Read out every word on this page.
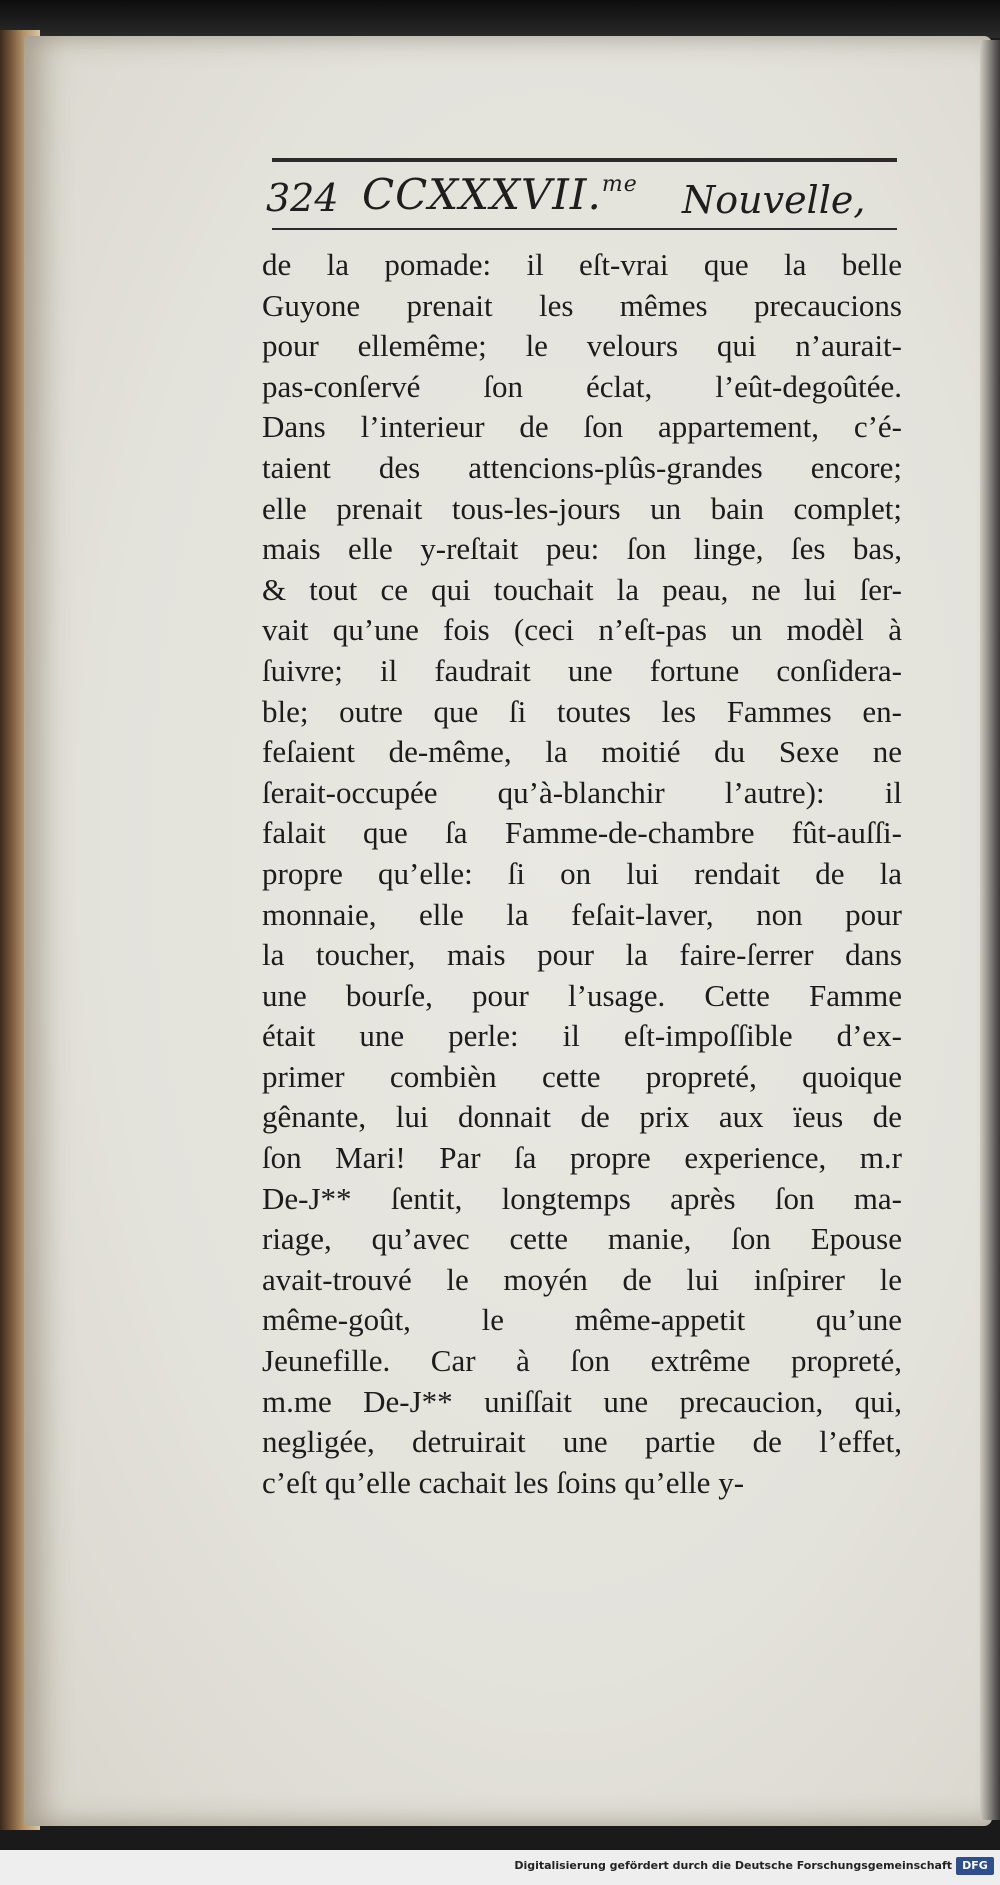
324 CCXXXVII.$^{me}$ Nouvelle,
de la pomade: il eſt-vrai que la belle
Guyone prenait les mêmes precaucions
pour ellemême; le velours qui n’aurait-
pas-conſervé ſon éclat, l’eût-degoûtée.
Dans l’interieur de ſon appartement, c’é-
taient des attencions-plûs-grandes encore;
elle prenait tous-les-jours un bain complet;
mais elle y-reſtait peu: ſon linge, ſes bas,
& tout ce qui touchait la peau, ne lui ſer-
vait qu’une fois (ceci n’eſt-pas un modèl à
ſuivre; il faudrait une fortune conſidera-
ble; outre que ſi toutes les Fammes en-
feſaient de-même, la moitié du Sexe ne
ſerait-occupée qu’à-blanchir l’autre): il
falait que ſa Famme-de-chambre fût-auſſi-
propre qu’elle: ſi on lui rendait de la
monnaie, elle la feſait-laver, non pour
la toucher, mais pour la faire-ſerrer dans
une bourſe, pour l’usage. Cette Famme
était une perle: il eſt-impoſſible d’ex-
primer combièn cette propreté, quoique
gênante, lui donnait de prix aux ïeus de
ſon Mari! Par ſa propre experience, m.r
De-J** ſentit, longtemps après ſon ma-
riage, qu’avec cette manie, ſon Epouse
avait-trouvé le moyén de lui inſpirer le
même-goût, le même-appetit qu’une
Jeunefille. Car à ſon extrême propreté,
m.me De-J** uniſſait une precaucion, qui,
negligée, detruirait une partie de l’effet,
c’eſt qu’elle cachait les ſoins qu’elle y-
Digitalisierung gefördert durch die Deutsche Forschungsgemeinschaft DFG
